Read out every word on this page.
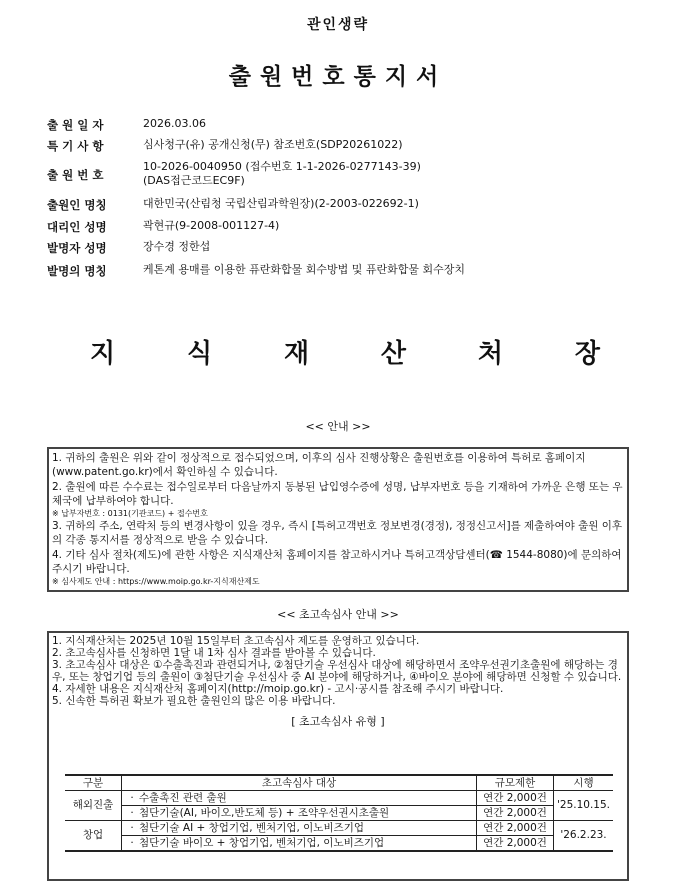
관인생략
출원번호통지서
출 원 일 자	2026.03.06
특 기 사 항	심사청구(유) 공개신청(무) 참조번호(SDP20261022)
출 원 번 호
10-2026-0040950 (접수번호 1-1-2026-0277143-39)
(DAS접근코드EC9F)
출원인 명칭	대한민국(산림청 국립산림과학원장)(2-2003-022692-1)
대리인 성명	곽현규(9-2008-001127-4)
발명자 성명	장수경 정한섭
발명의 명칭	케톤계 용매를 이용한 퓨란화합물 회수방법 및 퓨란화합물 회수장치
지	식	재	산	처	장
<< 안내 >>

1. 귀하의 출원은 위와 같이 정상적으로 접수되었으며, 이후의 심사 진행상황은 출원번호를 이용하여 특허로 홈페이지(www.patent.go.kr)에서 확인하실 수 있습니다.

2. 출원에 따른 수수료는 접수일로부터 다음날까지 동봉된 납입영수증에 성명, 납부자번호 등을 기재하여 가까운 은행 또는 우체국에 납부하여야 합니다.

※ 납부자번호 : 0131(기관코드) + 접수번호

3. 귀하의 주소, 연락처 등의 변경사항이 있을 경우, 즉시 [특허고객번호 정보변경(경정), 정정신고서]를 제출하여야 출원 이후의 각종 통지서를 정상적으로 받을 수 있습니다.

4. 기타 심사 절차(제도)에 관한 사항은 지식재산처 홈페이지를 참고하시거나 특허고객상담센터(☎ 1544-8080)에 문의하여 주시기 바랍니다.

※ 심사제도 안내 : https://www.moip.go.kr-지식재산제도

<< 초고속심사 안내 >>

1. 지식재산처는 2025년 10월 15일부터 초고속심사 제도를 운영하고 있습니다.

2. 초고속심사를 신청하면 1달 내 1차 심사 결과를 받아볼 수 있습니다.

3. 초고속심사 대상은 ①수출촉진과 관련되거나, ②첨단기술 우선심사 대상에 해당하면서 조약우선권기초출원에 해당하는 경우, 또는 창업기업 등의 출원이 ③첨단기술 우선심사 중 AI 분야에 해당하거나, ④바이오 분야에 해당하면 신청할 수 있습니다.

4. 자세한 내용은 지식재산처 홈페이지(http://moip.go.kr) - 고시·공시를 참조해 주시기 바랍니다.

5. 신속한 특허권 확보가 필요한 출원인의 많은 이용 바랍니다.

[ 초고속심사 유형 ]
구분	초고속심사 대상	규모제한	시행
해외진출	· 수출촉진 관련 출원	연간 2,000건	'25.10.15.
	· 첨단기술(AI, 바이오,반도체 등) + 조약우선권시초출원	연간 2,000건	
창업	· 첨단기술 AI + 창업기업, 벤처기업, 이노비즈기업	연간 2,000건	'26.2.23.
	· 첨단기술 바이오 + 창업기업, 벤처기업, 이노비즈기업	연간 2,000건	
